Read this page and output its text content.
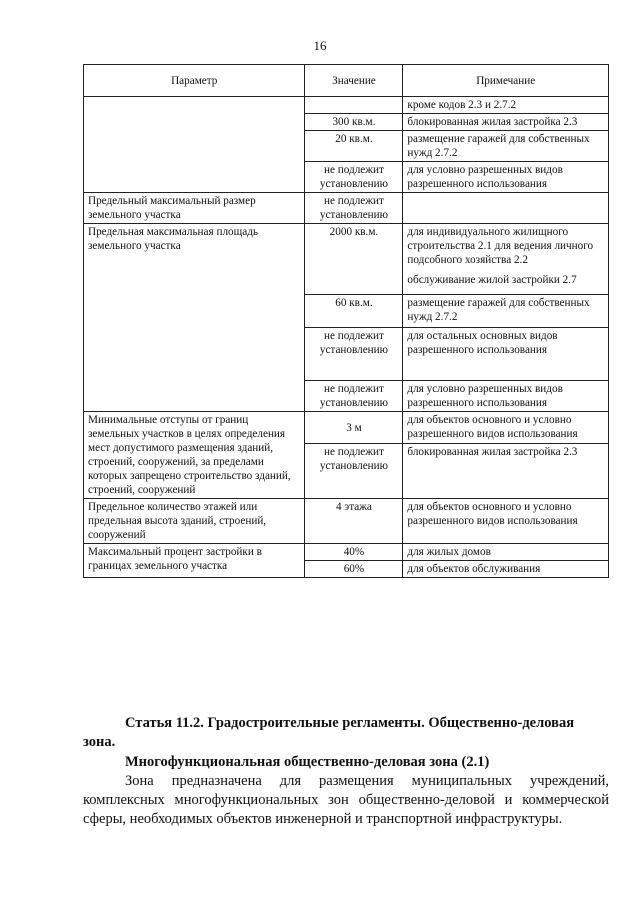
16
Параметр	Значение	Примечание
		кроме кодов 2.3 и 2.7.2
	300 кв.м.	блокированная жилая застройка 2.3
	20 кв.м.	размещение гаражей для собственных нужд 2.7.2
	не подлежит установлению	для условно разрешенных видов разрешенного использования
Предельный максимальный размер земельного участка	не подлежит установлению	
Предельная максимальная площадь земельного участка	2000 кв.м.	для индивидуального жилищного строительства 2.1 для ведения личного подсобного хозяйства 2.2
обслуживание жилой застройки 2.7

	60 кв.м.	размещение гаражей для собственных нужд 2.7.2
	не подлежит установлению	для остальных основных видов разрешенного использования
	не подлежит установлению	для условно разрешенных видов разрешенного использования
Минимальные отступы от границ земельных участков в целях определения мест допустимого размещения зданий, строений, сооружений, за пределами которых запрещено строительство зданий, строений, сооружений	3 м	для объектов основного и условно разрешенного видов использования
	не подлежит установлению	блокированная жилая застройка 2.3
Предельное количество этажей или предельная высота зданий, строений, сооружений	4 этажа	для объектов основного и условно разрешенного видов использования
Максимальный процент застройки в границах земельного участка	40%	для жилых домов
	60%	для объектов обслуживания
Статья 11.2. Градостроительные регламенты. Общественно-деловая зона.
Многофункциональная общественно-деловая зона (2.1)
Зона предназначена для размещения муниципальных учреждений, комплексных многофункциональных зон общественно-деловой и коммерческой сферы, необходимых объектов инженерной и транспортной инфраструктуры.
